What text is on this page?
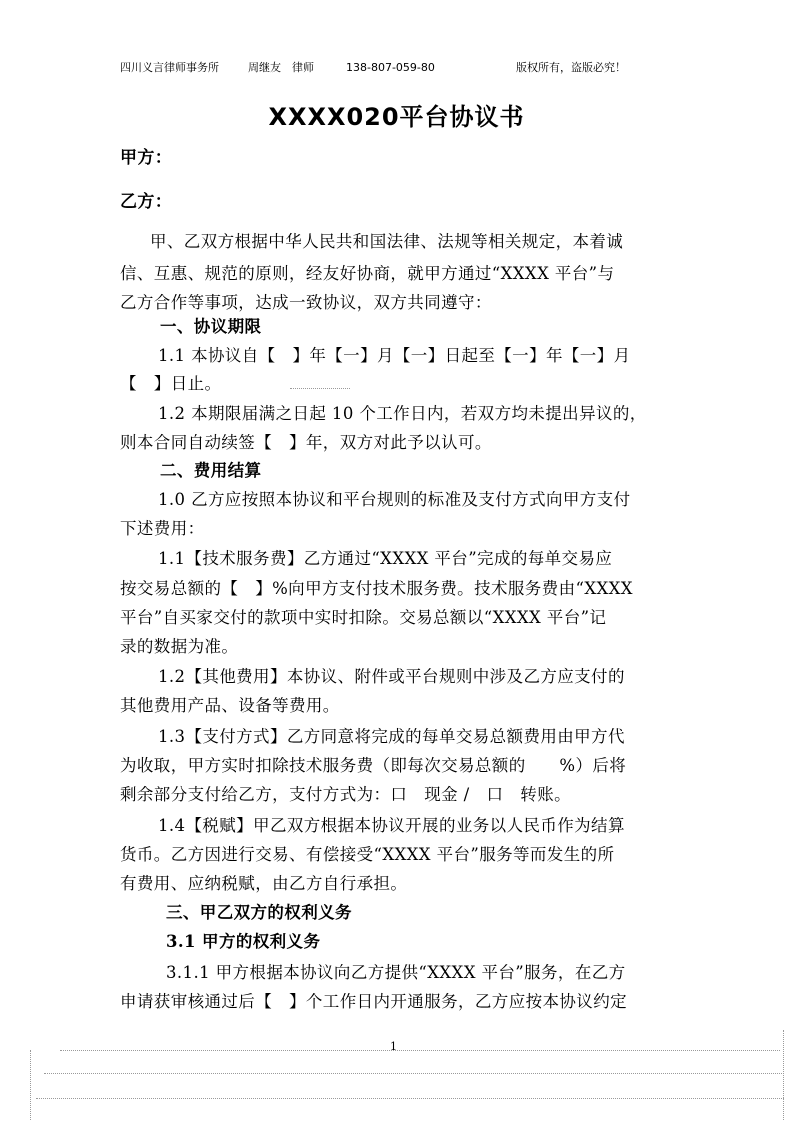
四川义言律师事务所	周继友　律师	138-807-059-80	版权所有，盗版必究！
XXXX020平台协议书
甲方：
乙方：
甲、乙双方根据中华人民共和国法律、法规等相关规定，本着诚
信、互惠、规范的原则，经友好协商，就甲方通过“XXXX 平台”与
乙方合作等事项，达成一致协议，双方共同遵守：
一、协议期限
1.1 本协议自【　】年【一】月【一】日起至【一】年【一】月
【　】日止。
1.2 本期限届满之日起 10 个工作日内，若双方均未提出异议的，
则本合同自动续签【　】年，双方对此予以认可。
二、费用结算
1.0 乙方应按照本协议和平台规则的标准及支付方式向甲方支付
下述费用：
1.1【技术服务费】乙方通过“XXXX 平台”完成的每单交易应
按交易总额的【　】%向甲方支付技术服务费。技术服务费由“XXXX
平台”自买家交付的款项中实时扣除。交易总额以“XXXX 平台”记
录的数据为准。
1.2【其他费用】本协议、附件或平台规则中涉及乙方应支付的
其他费用产品、设备等费用。
1.3【支付方式】乙方同意将完成的每单交易总额费用由甲方代
为收取，甲方实时扣除技术服务费（即每次交易总额的　　%）后将
剩余部分支付给乙方，支付方式为：口　现金 /　口　转账。
1.4【税赋】甲乙双方根据本协议开展的业务以人民币作为结算
货币。乙方因进行交易、有偿接受“XXXX 平台”服务等而发生的所
有费用、应纳税赋，由乙方自行承担。
三、甲乙双方的权利义务
3.1 甲方的权利义务
3.1.1 甲方根据本协议向乙方提供“XXXX 平台”服务，在乙方
申请获审核通过后【　】个工作日内开通服务，乙方应按本协议约定
1
